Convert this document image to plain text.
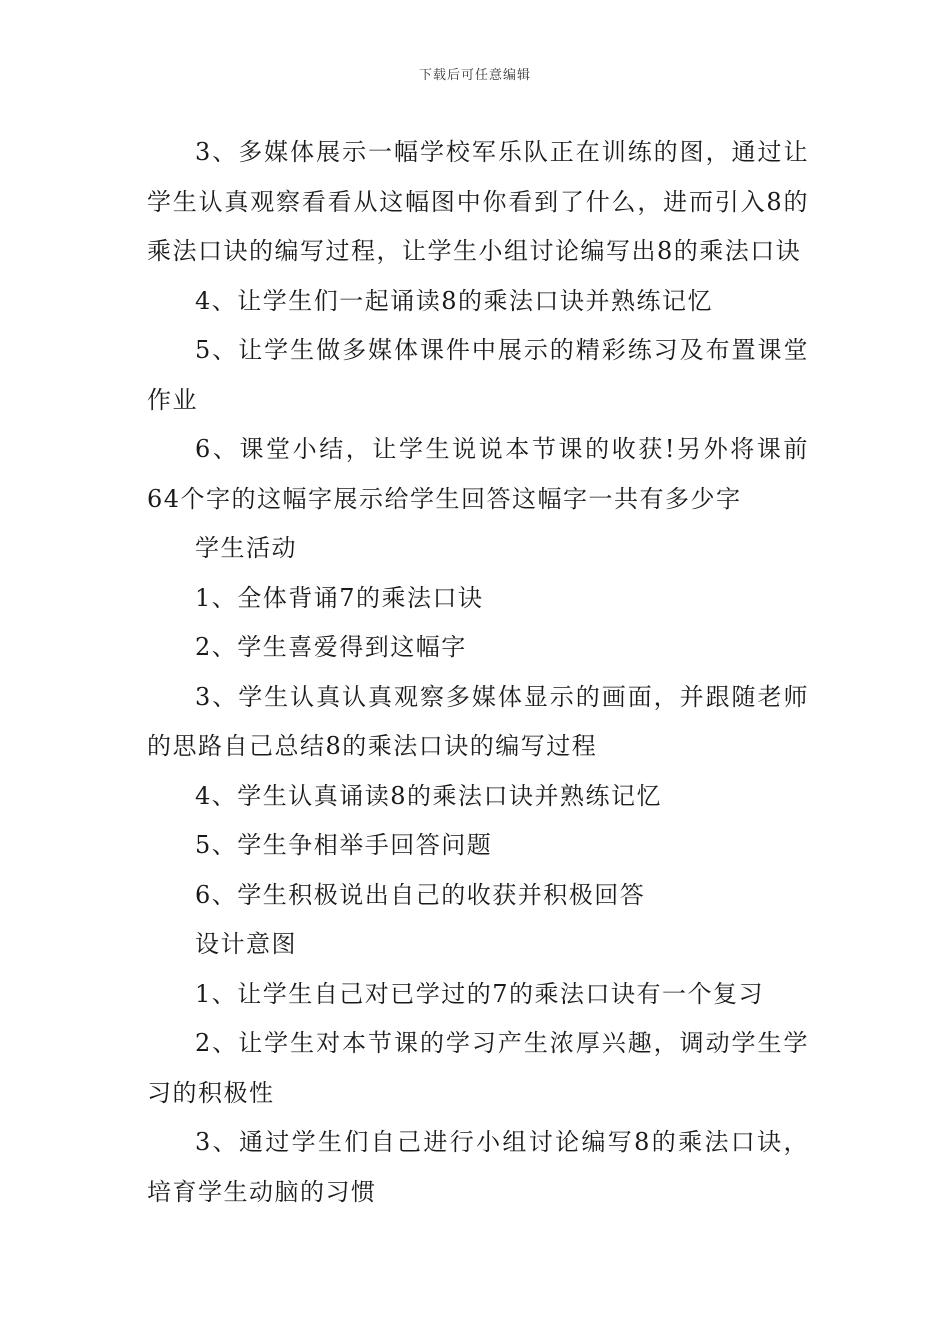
下载后可任意编辑

3、多媒体展示一幅学校军乐队正在训练的图，通过让学生认真观察看看从这幅图中你看到了什么，进而引入8的乘法口诀的编写过程，让学生小组讨论编写出8的乘法口诀

4、让学生们一起诵读8的乘法口诀并熟练记忆

5、让学生做多媒体课件中展示的精彩练习及布置课堂作业

6、课堂小结，让学生说说本节课的收获!另外将课前64个字的这幅字展示给学生回答这幅字一共有多少字

学生活动

1、全体背诵7的乘法口诀

2、学生喜爱得到这幅字

3、学生认真认真观察多媒体显示的画面，并跟随老师的思路自己总结8的乘法口诀的编写过程

4、学生认真诵读8的乘法口诀并熟练记忆

5、学生争相举手回答问题

6、学生积极说出自己的收获并积极回答

设计意图

1、让学生自己对已学过的7的乘法口诀有一个复习

2、让学生对本节课的学习产生浓厚兴趣，调动学生学习的积极性

3、通过学生们自己进行小组讨论编写8的乘法口诀，培育学生动脑的习惯
